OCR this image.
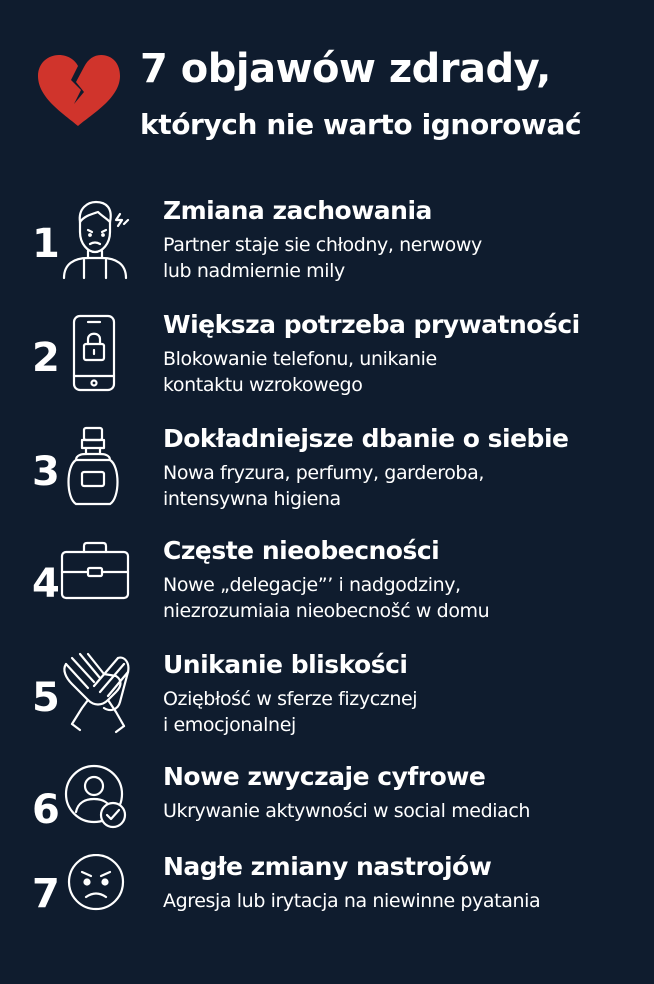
7 objawów zdrady,
których nie warto ignorować
1
Zmiana zachowania
Partner staje sie chłodny, nerwowy
lub nadmiernie mily
2
Większa potrzeba prywatności
Blokowanie telefonu, unikanie
kontaktu wzrokowego
3
Dokładniejsze dbanie o siebie
Nowa fryzura, perfumy, garderoba,
intensywna higiena
4
Częste nieobecności
Nowe „delegacje”’ i nadgodziny,
niezrozumiaia nieobecnošć w domu
5
Unikanie bliskości
Oziębłość w sferze fizycznej
i emocjonalnej
6
Nowe zwyczaje cyfrowe
Ukrywanie aktywności w social mediach
7
Nagłe zmiany nastrojów
Agresja lub irytacja na niewinne pyatania
